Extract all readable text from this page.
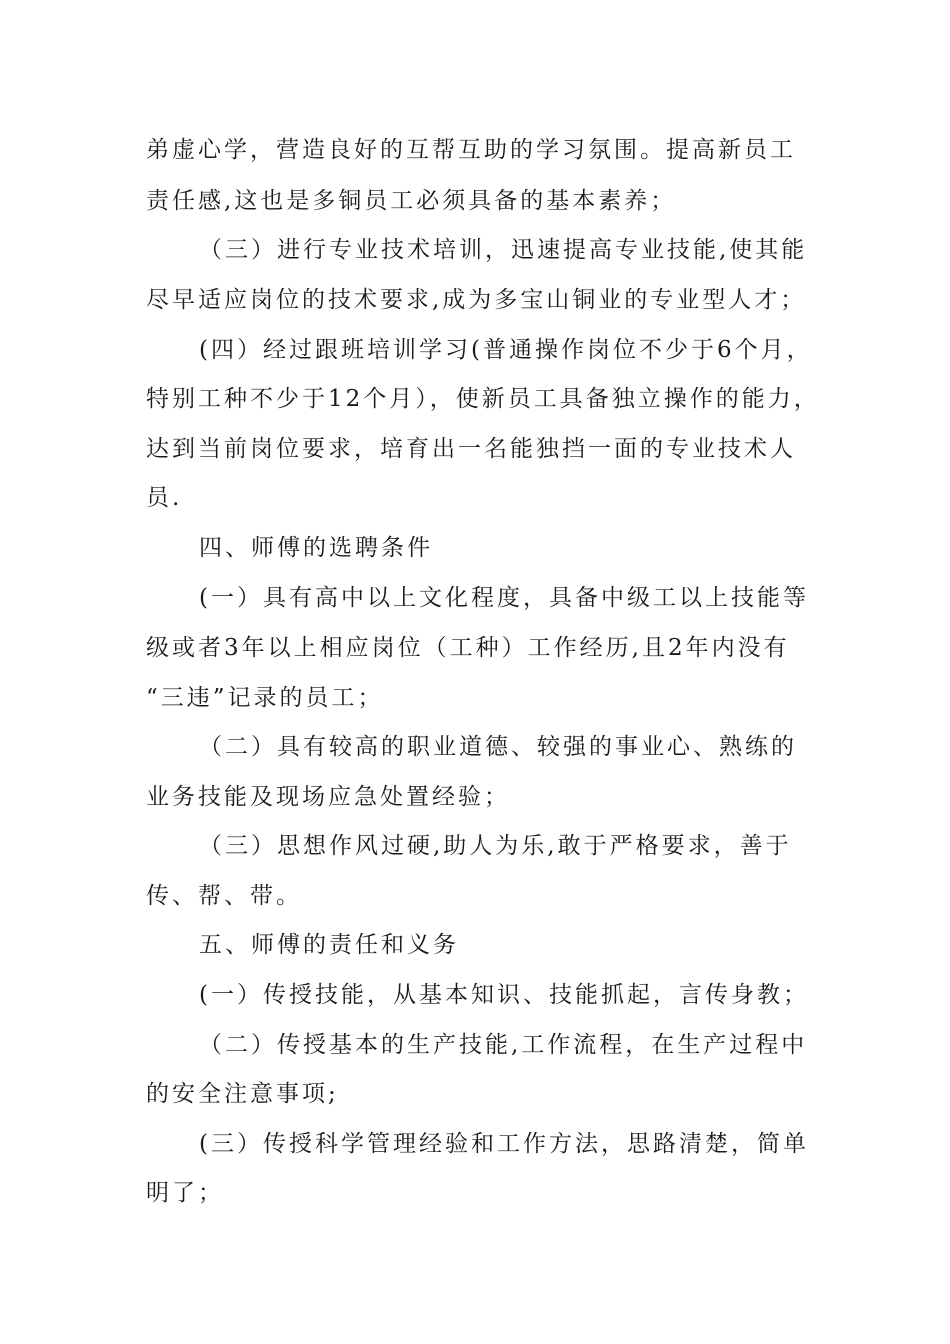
弟虚心学，营造良好的互帮互助的学习氛围。提高新员工
责任感,这也是多铜员工必须具备的基本素养；
（三）进行专业技术培训，迅速提高专业技能,使其能
尽早适应岗位的技术要求,成为多宝山铜业的专业型人才；
(四）经过跟班培训学习(普通操作岗位不少于6个月，
特别工种不少于12个月），使新员工具备独立操作的能力，
达到当前岗位要求，培育出一名能独挡一面的专业技术人
员.
四、师傅的选聘条件
(一）具有高中以上文化程度，具备中级工以上技能等
级或者3年以上相应岗位（工种）工作经历,且2年内没有
“三违”记录的员工；
（二）具有较高的职业道德、较强的事业心、熟练的
业务技能及现场应急处置经验；
（三）思想作风过硬,助人为乐,敢于严格要求，善于
传、帮、带。
五、师傅的责任和义务
(一）传授技能，从基本知识、技能抓起，言传身教；
（二）传授基本的生产技能,工作流程，在生产过程中
的安全注意事项;
(三）传授科学管理经验和工作方法，思路清楚，简单
明了；
